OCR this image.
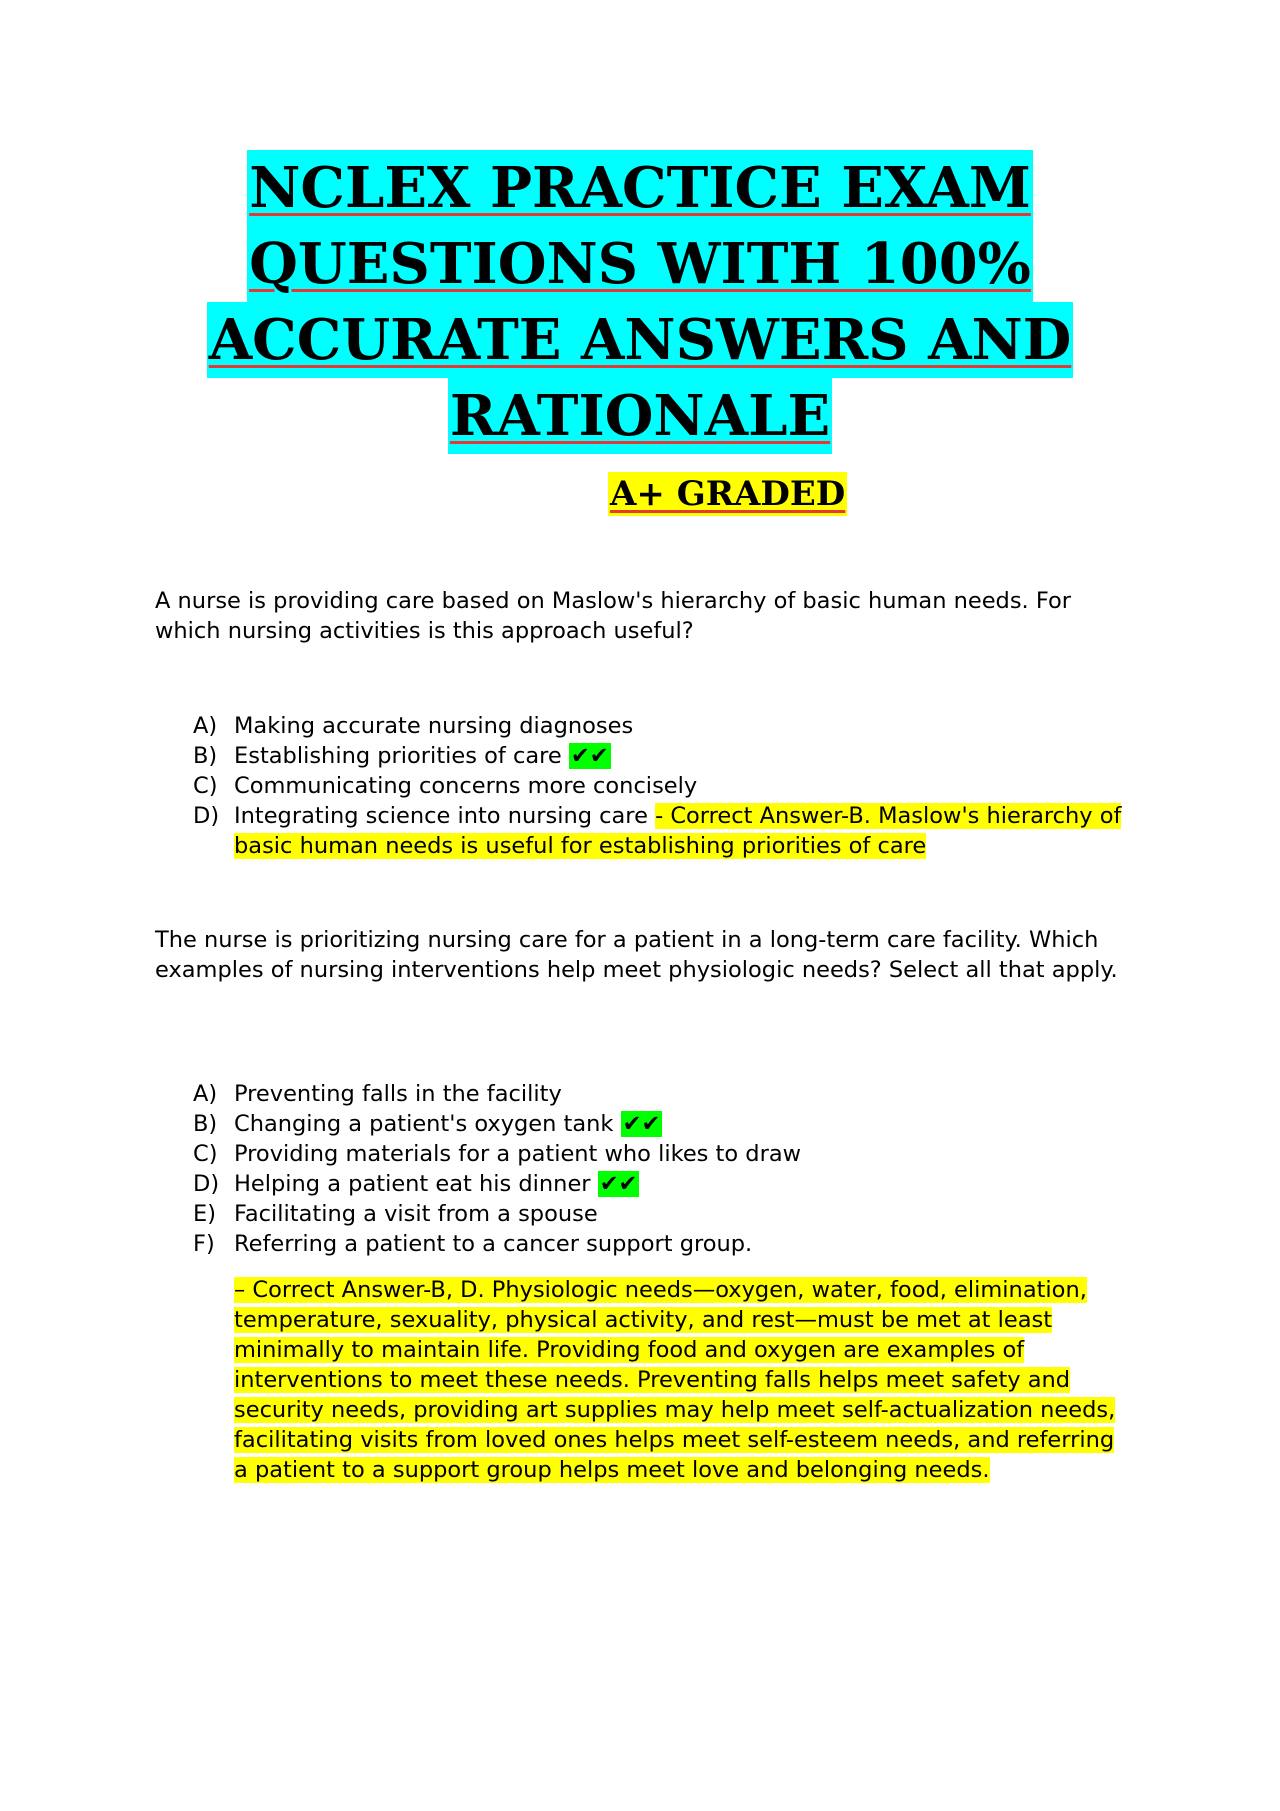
NCLEX PRACTICE EXAM
QUESTIONS WITH 100%
ACCURATE ANSWERS AND
RATIONALE
A+ GRADED
A nurse is providing care based on Maslow's hierarchy of basic human needs. For which nursing activities is this approach useful?
A) Making accurate nursing diagnoses
B) Establishing priorities of care ✔✔
C) Communicating concerns more concisely
D) Integrating science into nursing care - Correct Answer-B. Maslow's hierarchy of basic human needs is useful for establishing priorities of care
The nurse is prioritizing nursing care for a patient in a long-term care facility. Which examples of nursing interventions help meet physiologic needs? Select all that apply.
A) Preventing falls in the facility
B) Changing a patient's oxygen tank ✔✔
C) Providing materials for a patient who likes to draw
D) Helping a patient eat his dinner ✔✔
E) Facilitating a visit from a spouse
F) Referring a patient to a cancer support group.
– Correct Answer-B, D. Physiologic needs—oxygen, water, food, elimination, temperature, sexuality, physical activity, and rest—must be met at least minimally to maintain life. Providing food and oxygen are examples of interventions to meet these needs. Preventing falls helps meet safety and security needs, providing art supplies may help meet self-actualization needs, facilitating visits from loved ones helps meet self-esteem needs, and referring a patient to a support group helps meet love and belonging needs.
